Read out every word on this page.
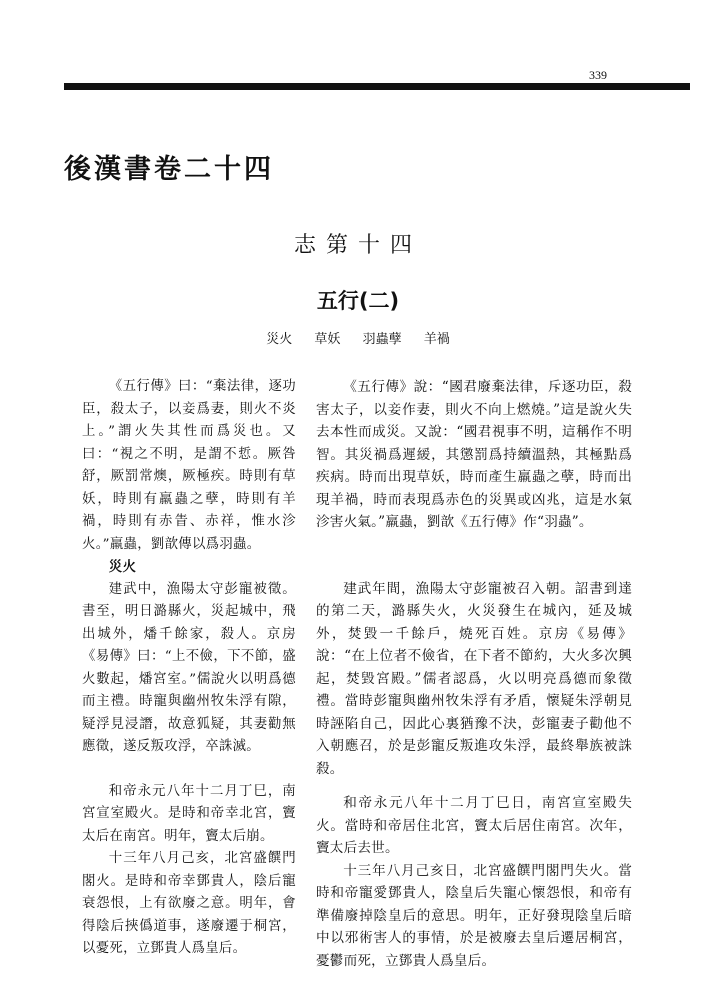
339
後漢書卷二十四
志第十四
五行(二)
災火 草妖 羽蟲孽 羊禍

《五行傳》曰：“棄法律，逐功臣，殺太子，以妾爲妻，則火不炎上。”謂火失其性而爲災也。又曰：“視之不明，是謂不悊。厥咎舒，厥罰常燠，厥極疾。時則有草妖，時則有羸蟲之孽，時則有羊禍，時則有赤眚、赤祥，惟水沴火。”羸蟲，劉歆傳以爲羽蟲。

災火

建武中，漁陽太守彭寵被徵。書至，明日潞縣火，災起城中，飛出城外，燔千餘家，殺人。京房《易傳》曰：“上不儉，下不節，盛火數起，燔宮室。”儒說火以明爲德而主禮。時寵與幽州牧朱浮有隙，疑浮見浸譖，故意狐疑，其妻勸無應徵，遂反叛攻浮，卒誅滅。

和帝永元八年十二月丁巳，南宮宣室殿火。是時和帝幸北宮，竇太后在南宮。明年，竇太后崩。

十三年八月己亥，北宮盛饌門閣火。是時和帝幸鄧貴人，陰后寵衰怨恨，上有欲廢之意。明年，會得陰后挾僞道事，遂廢遷于桐宮，以憂死，立鄧貴人爲皇后。

《五行傳》說：“國君廢棄法律，斥逐功臣，殺害太子，以妾作妻，則火不向上燃燒。”這是說火失去本性而成災。又說：“國君視事不明，這稱作不明智。其災禍爲遲緩，其懲罰爲持續溫熱，其極點爲疾病。時而出現草妖，時而產生羸蟲之孽，時而出現羊禍，時而表現爲赤色的災異或凶兆，這是水氣沴害火氣。”羸蟲，劉歆《五行傳》作“羽蟲”。

建武年間，漁陽太守彭寵被召入朝。詔書到達的第二天，潞縣失火，火災發生在城內，延及城外，焚毀一千餘戶，燒死百姓。京房《易傳》說：“在上位者不儉省，在下者不節約，大火多次興起，焚毀宮殿。”儒者認爲，火以明亮爲德而象徵禮。當時彭寵與幽州牧朱浮有矛盾，懷疑朱浮朝見時誣陷自己，因此心裏猶豫不決，彭寵妻子勸他不入朝應召，於是彭寵反叛進攻朱浮，最終舉族被誅殺。

和帝永元八年十二月丁巳日，南宮宣室殿失火。當時和帝居住北宮，竇太后居住南宮。次年，竇太后去世。

十三年八月己亥日，北宮盛饌門閣門失火。當時和帝寵愛鄧貴人，陰皇后失寵心懷怨恨，和帝有準備廢掉陰皇后的意思。明年，正好發現陰皇后暗中以邪術害人的事情，於是被廢去皇后遷居桐宮，憂鬱而死，立鄧貴人爲皇后。
